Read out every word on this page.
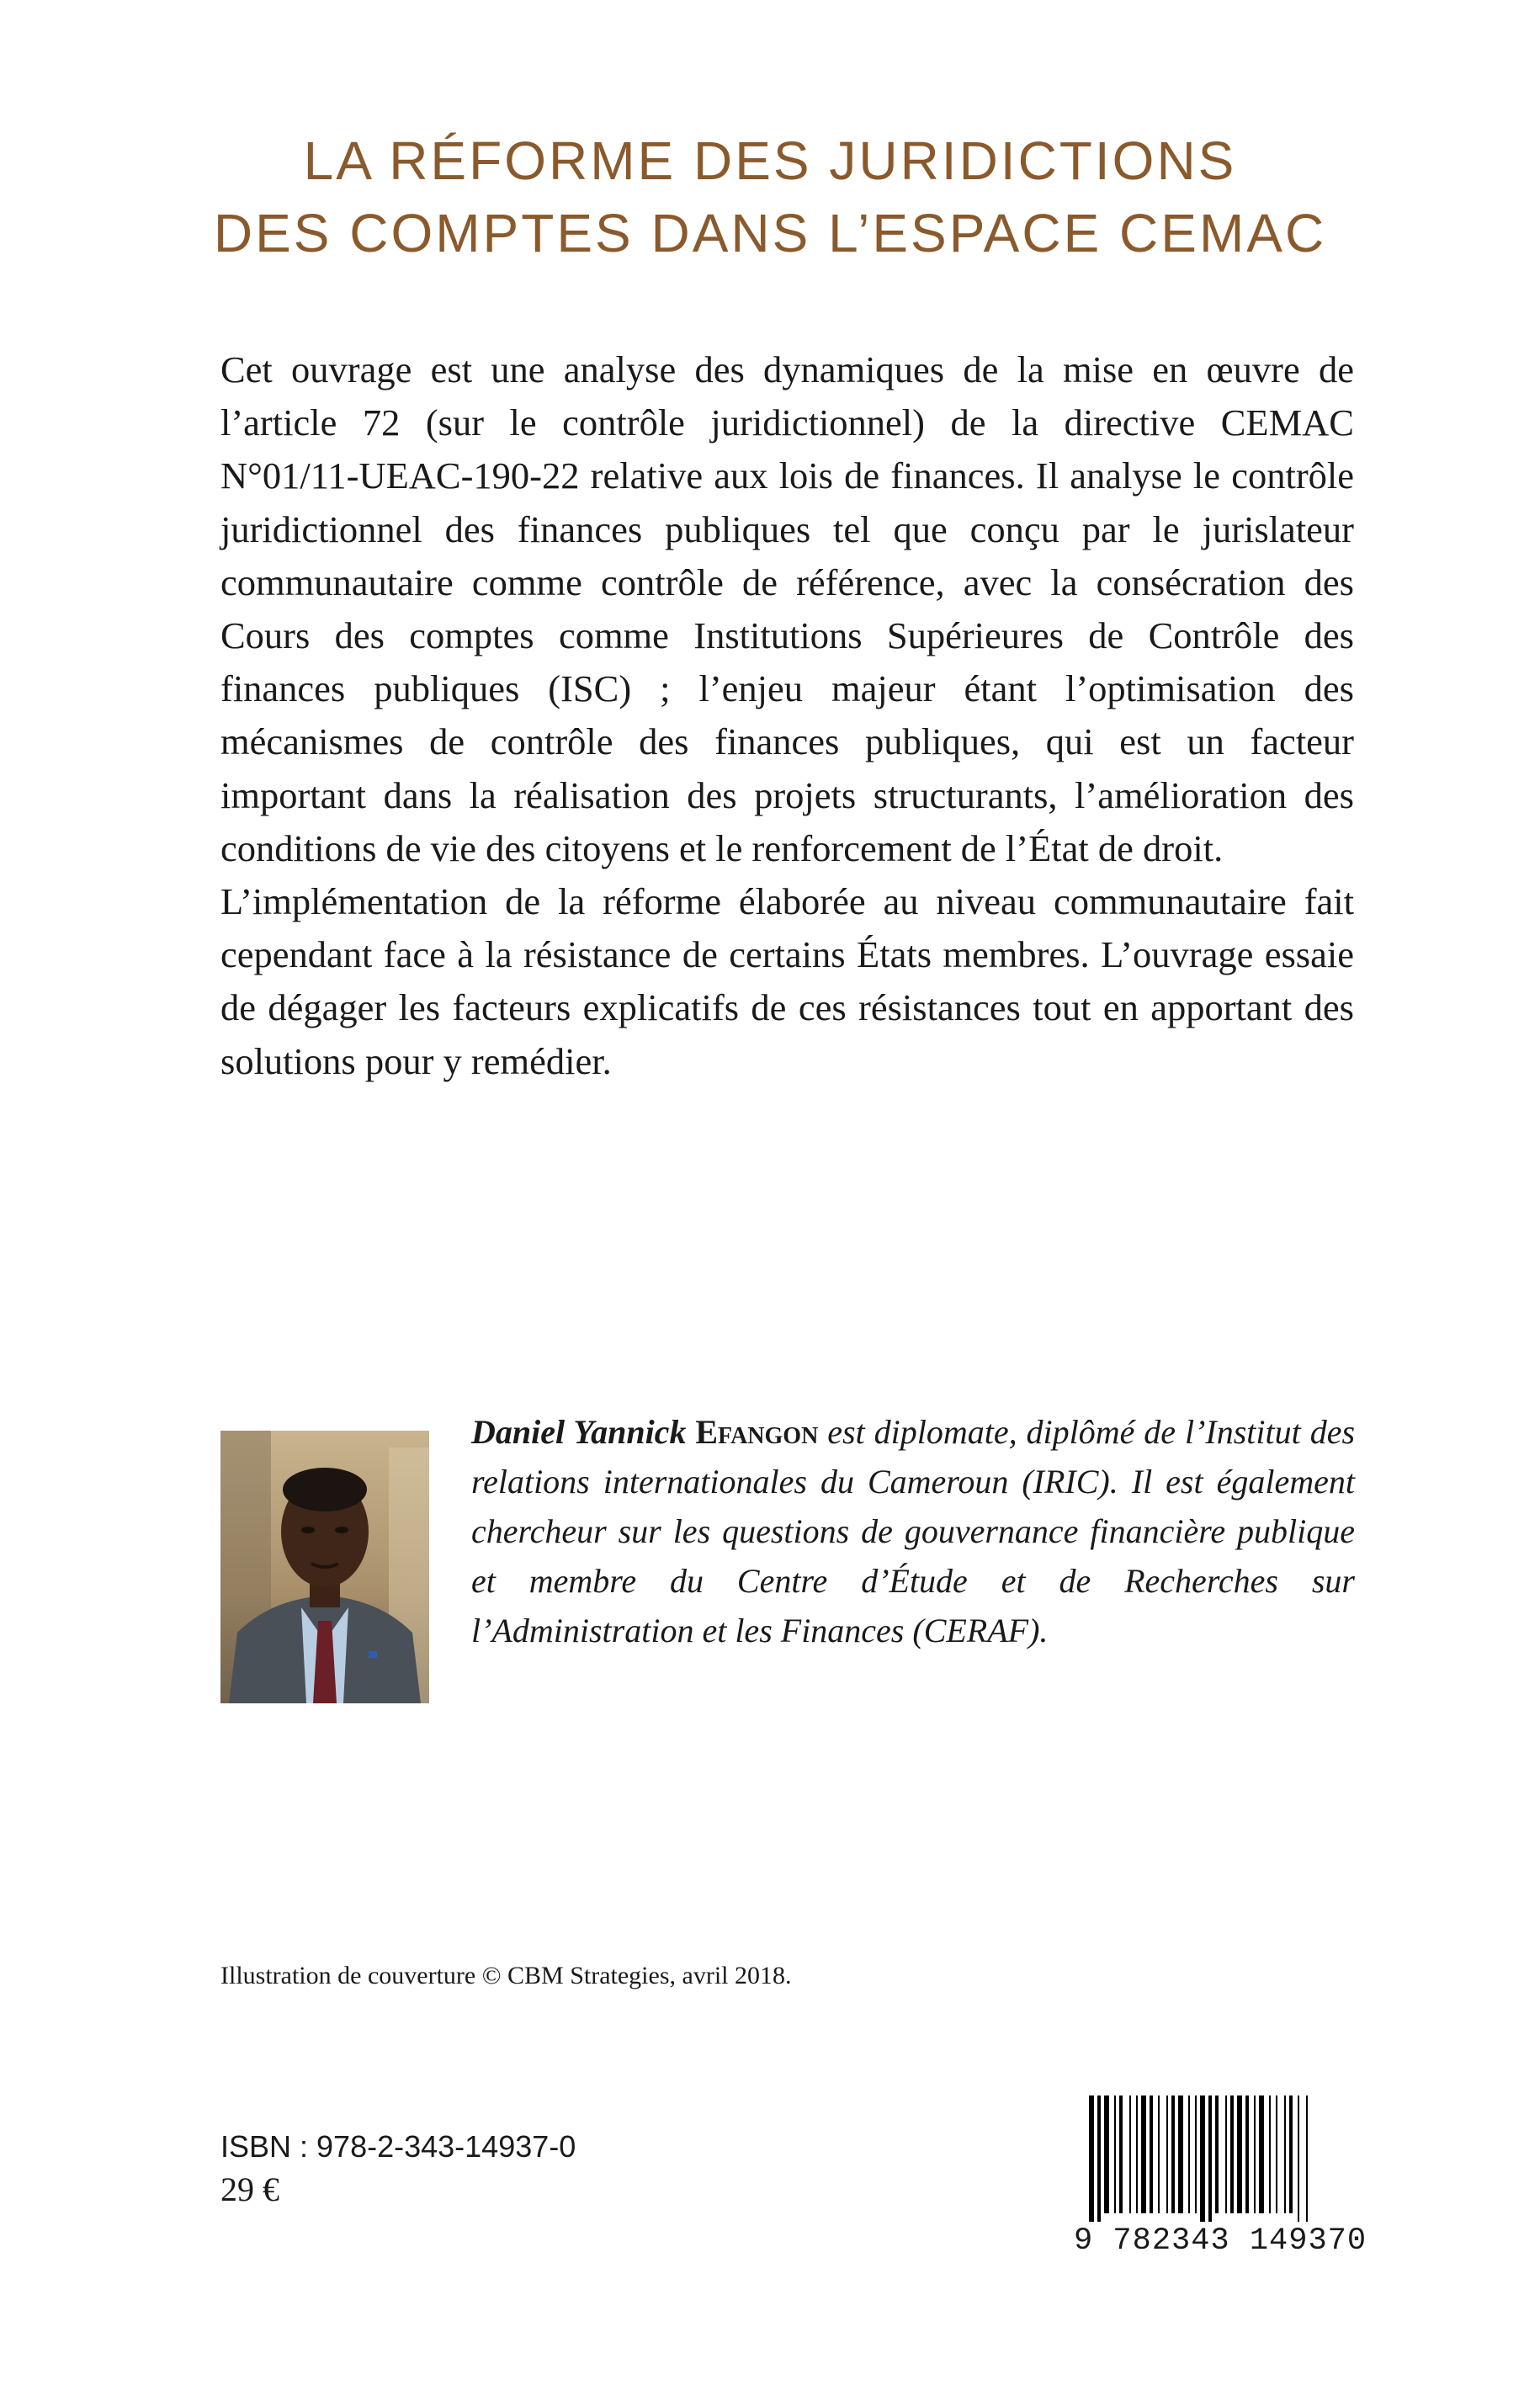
LA RÉFORME DES JURIDICTIONS
DES COMPTES DANS L’ESPACE CEMAC

Cet ouvrage est une analyse des dynamiques de la mise en œuvre de l’article 72 (sur le contrôle juridictionnel) de la directive CEMAC N°01/11-UEAC-190-22 relative aux lois de finances. Il analyse le contrôle juridictionnel des finances publiques tel que conçu par le jurislateur communautaire comme contrôle de référence, avec la consécration des Cours des comptes comme Institutions Supérieures de Contrôle des finances publiques (ISC) ; l’enjeu majeur étant l’optimisation des mécanismes de contrôle des finances publiques, qui est un facteur important dans la réalisation des projets structurants, l’amélioration des conditions de vie des citoyens et le renforcement de l’État de droit.

L’implémentation de la réforme élaborée au niveau communautaire fait cependant face à la résistance de certains États membres. L’ouvrage essaie de dégager les facteurs explicatifs de ces résistances tout en apportant des solutions pour y remédier.

Daniel Yannick Efangon est diplomate, diplômé de l’Institut des relations internationales du Cameroun (IRIC). Il est également chercheur sur les questions de gouvernance financière publique et membre du Centre d’Étude et de Recherches sur l’Administration et les Finances (CERAF).
Illustration de couverture © CBM Strategies, avril 2018.
ISBN : 978-2-343-14937-0
29 €
9 782343 149370
